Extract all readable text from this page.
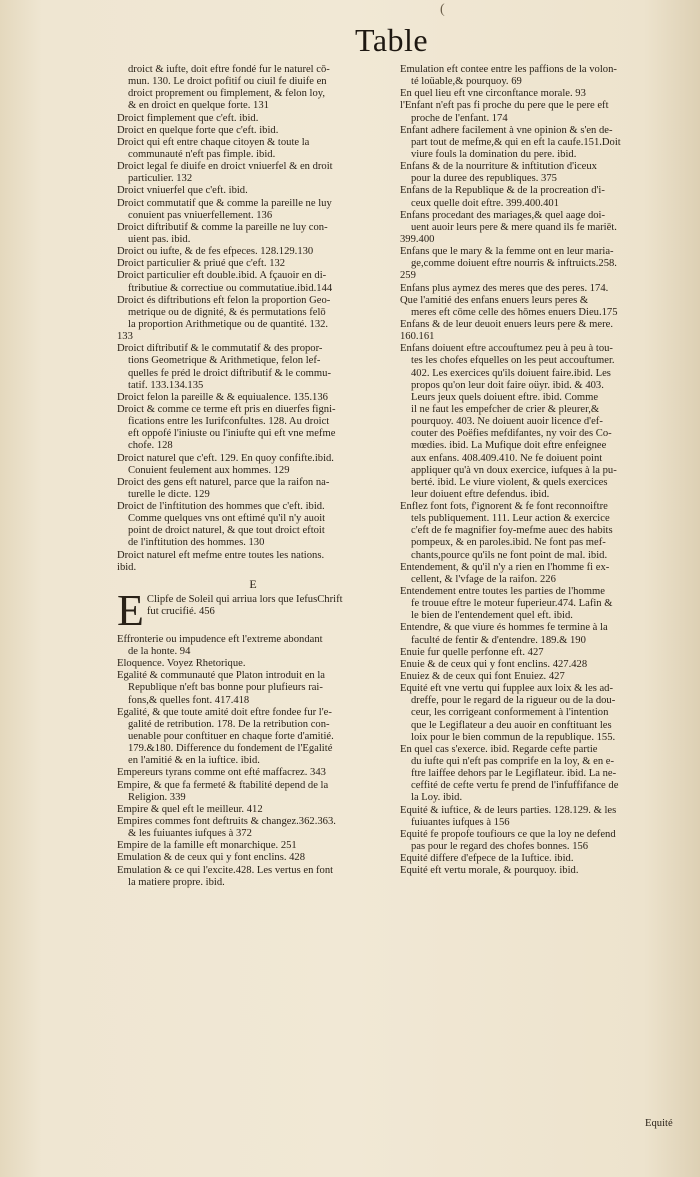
(
Table
droict & iufte, doit eftre fondé fur le naturel cō-
mun. 130. Le droict pofitif ou ciuil fe diuife en
droict proprement ou fimplement, & felon loy,
& en droict en quelque forte. 131
Droict fimplement que c'eft. ibid.
Droict en quelque forte que c'eft. ibid.
Droict qui eft entre chaque citoyen & toute la
communauté n'eft pas fimple. ibid.
Droict legal fe diuife en droict vniuerfel & en droit
particulier. 132
Droict vniuerfel que c'eft. ibid.
Droict commutatif que & comme la pareille ne luy
conuient pas vniuerfellement. 136
Droict diftributif & comme la pareille ne luy con-
uient pas. ibid.
Droict ou iufte, & de fes efpeces. 128.129.130
Droict particulier & priué que c'eft. 132
Droict particulier eft double.ibid. A fçauoir en di-
ftributiue & correctiue ou commutatiue.ibid.144
Droict és diftributions eft felon la proportion Geo-
metrique ou de dignité, & és permutations felō
la proportion Arithmetique ou de quantité. 132.
133
Droict diftributif & le commutatif & des propor-
tions Geometrique & Arithmetique, felon lef-
quelles fe préd le droict diftributif & le commu-
tatif. 133.134.135
Droict felon la pareille & & equiualence. 135.136
Droict & comme ce terme eft pris en diuerfes figni-
fications entre les Iurifconfultes. 128. Au droict
eft oppofé l'iniuste ou l'iniufte qui eft vne mefme
chofe. 128
Droict naturel que c'eft. 129. En quoy confifte.ibid.
Conuient feulement aux hommes. 129
Droict des gens eft naturel, parce que la raifon na-
turelle le dicte. 129
Droict de l'inftitution des hommes que c'eft. ibid.
Comme quelques vns ont eftimé qu'il n'y auoit
point de droict naturel, & que tout droict eftoit
de l'inftitution des hommes. 130
Droict naturel eft mefme entre toutes les nations.
ibid.
E
E Clipfe de Soleil qui arriua lors que IefusChrift
fut crucifié. 456
Effronterie ou impudence eft l'extreme abondant
de la honte. 94
Eloquence. Voyez Rhetorique.
Egalité & communauté que Platon introduit en la
Republique n'eft bas bonne pour plufieurs rai-
fons,& quelles font. 417.418
Egalité, & que toute amité doit eftre fondee fur l'e-
galité de retribution. 178. De la retribution con-
uenable pour conftituer en chaque forte d'amitié.
179.&180. Difference du fondement de l'Egalité
en l'amitié & en la iuftice. ibid.
Empereurs tyrans comme ont efté maffacrez. 343
Empire, & que fa fermeté & ftabilité depend de la
Religion. 339
Empire & quel eft le meilleur. 412
Empires commes font deftruits & changez.362.363.
& les fuiuantes iufques à 372
Empire de la famille eft monarchique. 251
Emulation & de ceux qui y font enclins. 428
Emulation & ce qui l'excite.428. Les vertus en font
la matiere propre. ibid.
Emulation eft contee entre les paffions de la volon-
té loüable,& pourquoy. 69
En quel lieu eft vne circonftance morale. 93
l'Enfant n'eft pas fi proche du pere que le pere eft
proche de l'enfant. 174
Enfant adhere facilement à vne opinion & s'en de-
part tout de mefme,& qui en eft la caufe.151.Doit
viure fouls la domination du pere. ibid.
Enfans & de la nourriture & inftitution d'iceux
pour la duree des republiques. 375
Enfans de la Republique & de la procreation d'i-
ceux quelle doit eftre. 399.400.401
Enfans procedant des mariages,& quel aage doi-
uent auoir leurs pere & mere quand ils fe mariēt.
399.400
Enfans que le mary & la femme ont en leur maria-
ge,comme doiuent eftre nourris & inftruicts.258.
259
Enfans plus aymez des meres que des peres. 174.
Que l'amitié des enfans enuers leurs peres &
meres eft cōme celle des hōmes enuers Dieu.175
Enfans & de leur deuoit enuers leurs pere & mere.
160.161
Enfans doiuent eftre accouftumez peu à peu à tou-
tes les chofes efquelles on les peut accouftumer.
402. Les exercices qu'ils doiuent faire.ibid. Les
propos qu'on leur doit faire oüyr. ibid. & 403.
Leurs jeux quels doiuent eftre. ibid. Comme
il ne faut les empefcher de crier & pleurer,&
pourquoy. 403. Ne doiuent auoir licence d'ef-
couter des Poëfies mefdifantes, ny voir des Co-
mœdies. ibid. La Mufique doit eftre enfeignee
aux enfans. 408.409.410. Ne fe doiuent point
appliquer qu'à vn doux exercice, iufques à la pu-
berté. ibid. Le viure violent, & quels exercices
leur doiuent eftre defendus. ibid.
Enflez font fots, f'ignorent & fe font reconnoiftre
tels publiquement. 111. Leur action & exercice
c'eft de fe magnifier foy-mefme auec des habits
pompeux, & en paroles.ibid. Ne font pas mef-
chants,pource qu'ils ne font point de mal. ibid.
Entendement, & qu'il n'y a rien en l'homme fi ex-
cellent, & l'vfage de la raifon. 226
Entendement entre toutes les parties de l'homme
fe trouue eftre le moteur fuperieur.474. Lafin &
le bien de l'entendement quel eft. ibid.
Entendre, & que viure és hommes fe termine à la
faculté de fentir & d'entendre. 189.& 190
Enuie fur quelle perfonne eft. 427
Enuie & de ceux qui y font enclins. 427.428
Enuiez & de ceux qui font Enuiez. 427
Equité eft vne vertu qui fupplee aux loix & les ad-
dreffe, pour le regard de la rigueur ou de la dou-
ceur, les corrigeant conformement à l'intention
que le Legiflateur a deu auoir en conftituant les
loix pour le bien commun de la republique. 155.
En quel cas s'exerce. ibid. Regarde cefte partie
du iufte qui n'eft pas comprife en la loy, & en e-
ftre laiffee dehors par le Legiflateur. ibid. La ne-
ceffité de cefte vertu fe prend de l'infuffifance de
la Loy. ibid.
Equité & iuftice, & de leurs parties. 128.129. & les
fuiuantes iufques à 156
Equité fe propofe toufiours ce que la loy ne defend
pas pour le regard des chofes bonnes. 156
Equité differe d'efpece de la Iuftice. ibid.
Equité eft vertu morale, & pourquoy. ibid.
Equité
